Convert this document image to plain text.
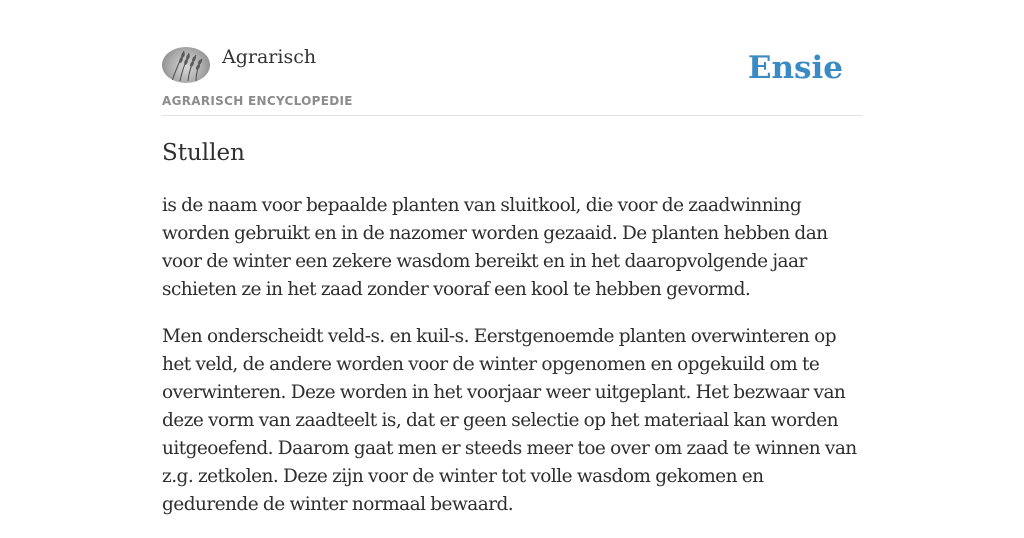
Agrarisch
AGRARISCH ENCYCLOPEDIE
Ensie
Stullen

is de naam voor bepaalde planten van sluitkool, die voor de zaadwinning worden gebruikt en in de nazomer worden gezaaid. De planten hebben dan voor de winter een zekere wasdom bereikt en in het daaropvolgende jaar schieten ze in het zaad zonder vooraf een kool te hebben gevormd.

Men onderscheidt veld-s. en kuil-s. Eerstgenoemde planten overwinteren op het veld, de andere worden voor de winter opgenomen en opgekuild om te overwinteren. Deze worden in het voorjaar weer uitgeplant. Het bezwaar van deze vorm van zaadteelt is, dat er geen selectie op het materiaal kan worden uitgeoefend. Daarom gaat men er steeds meer toe over om zaad te winnen van z.g. zetkolen. Deze zijn voor de winter tot volle wasdom gekomen en gedurende de winter normaal bewaard.
